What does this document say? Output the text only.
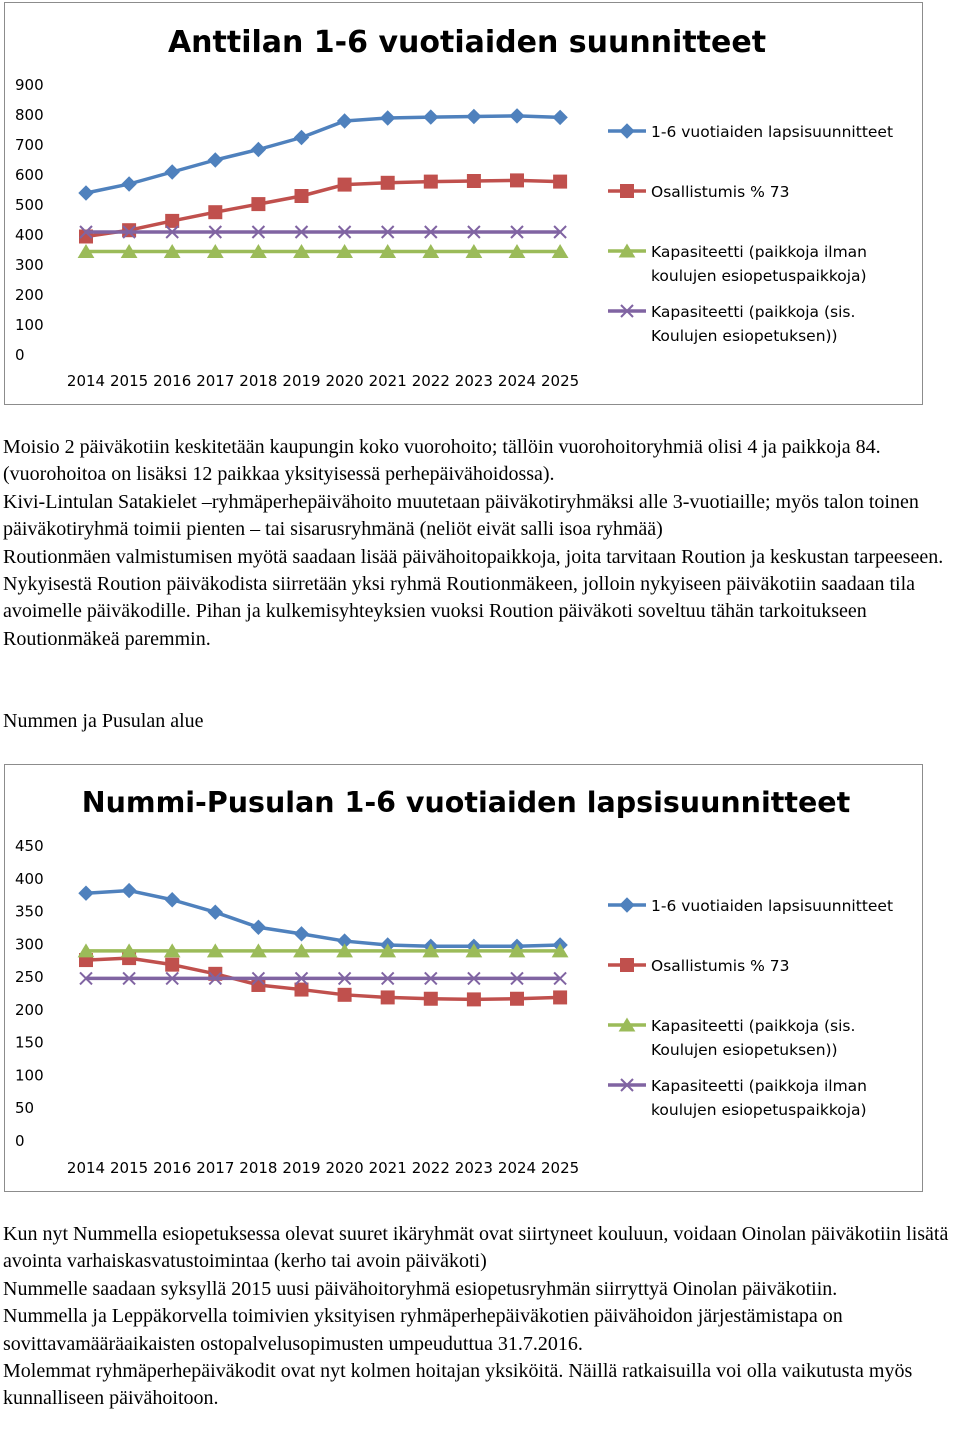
Anttilan 1-6 vuotiaiden suunnitteet
900
800
700
600
500
400
300
200
100
0
2014 2015 2016 2017 2018 2019 2020 2021 2022 2023 2024 2025
1-6 vuotiaiden lapsisuunnitteet
Osallistumis % 73
Kapasiteetti (paikkoja ilman koulujen esiopetuspaikkoja)
Kapasiteetti (paikkoja (sis. Koulujen esiopetuksen))

Moisio 2 päiväkotiin keskitetään kaupungin koko vuorohoito; tällöin vuorohoitoryhmiä olisi 4 ja paikkoja 84. (vuorohoitoa on lisäksi 12 paikkaa yksityisessä perhepäivähoidossa).

Kivi-Lintulan Satakielet –ryhmäperhepäivähoito muutetaan päiväkotiryhmäksi alle 3-vuotiaille; myös talon toinen päiväkotiryhmä toimii pienten – tai sisarusryhmänä (neliöt eivät salli isoa ryhmää)

Routionmäen valmistumisen myötä saadaan lisää päivähoitopaikkoja, joita tarvitaan Roution ja keskustan tarpeeseen. Nykyisestä Roution päiväkodista siirretään yksi ryhmä Routionmäkeen, jolloin nykyiseen päiväkotiin saadaan tila avoimelle päiväkodille. Pihan ja kulkemisyhteyksien vuoksi Roution päiväkoti soveltuu tähän tarkoitukseen Routionmäkeä paremmin.

Nummen ja Pusulan alue

Nummi-Pusulan 1-6 vuotiaiden lapsisuunnitteet
450
400
350
300
250
200
150
100
50
0
2014 2015 2016 2017 2018 2019 2020 2021 2022 2023 2024 2025
1-6 vuotiaiden lapsisuunnitteet
Osallistumis % 73
Kapasiteetti (paikkoja (sis. Koulujen esiopetuksen))
Kapasiteetti (paikkoja ilman koulujen esiopetuspaikkoja)

Kun nyt Nummella esiopetuksessa olevat suuret ikäryhmät ovat siirtyneet kouluun, voidaan Oinolan päiväkotiin lisätä avointa varhaiskasvatustoimintaa (kerho tai avoin päiväkoti)

Nummelle saadaan syksyllä 2015 uusi päivähoitoryhmä esiopetusryhmän siirryttyä Oinolan päiväkotiin.

Nummella ja Leppäkorvella toimivien yksityisen ryhmäperhepäiväkotien päivähoidon järjestämistapa on sovittavamääräaikaisten ostopalvelusopimusten umpeuduttua 31.7.2016.

Molemmat ryhmäperhepäiväkodit ovat nyt kolmen hoitajan yksiköitä. Näillä ratkaisuilla voi olla vaikutusta myös kunnalliseen päivähoitoon.
